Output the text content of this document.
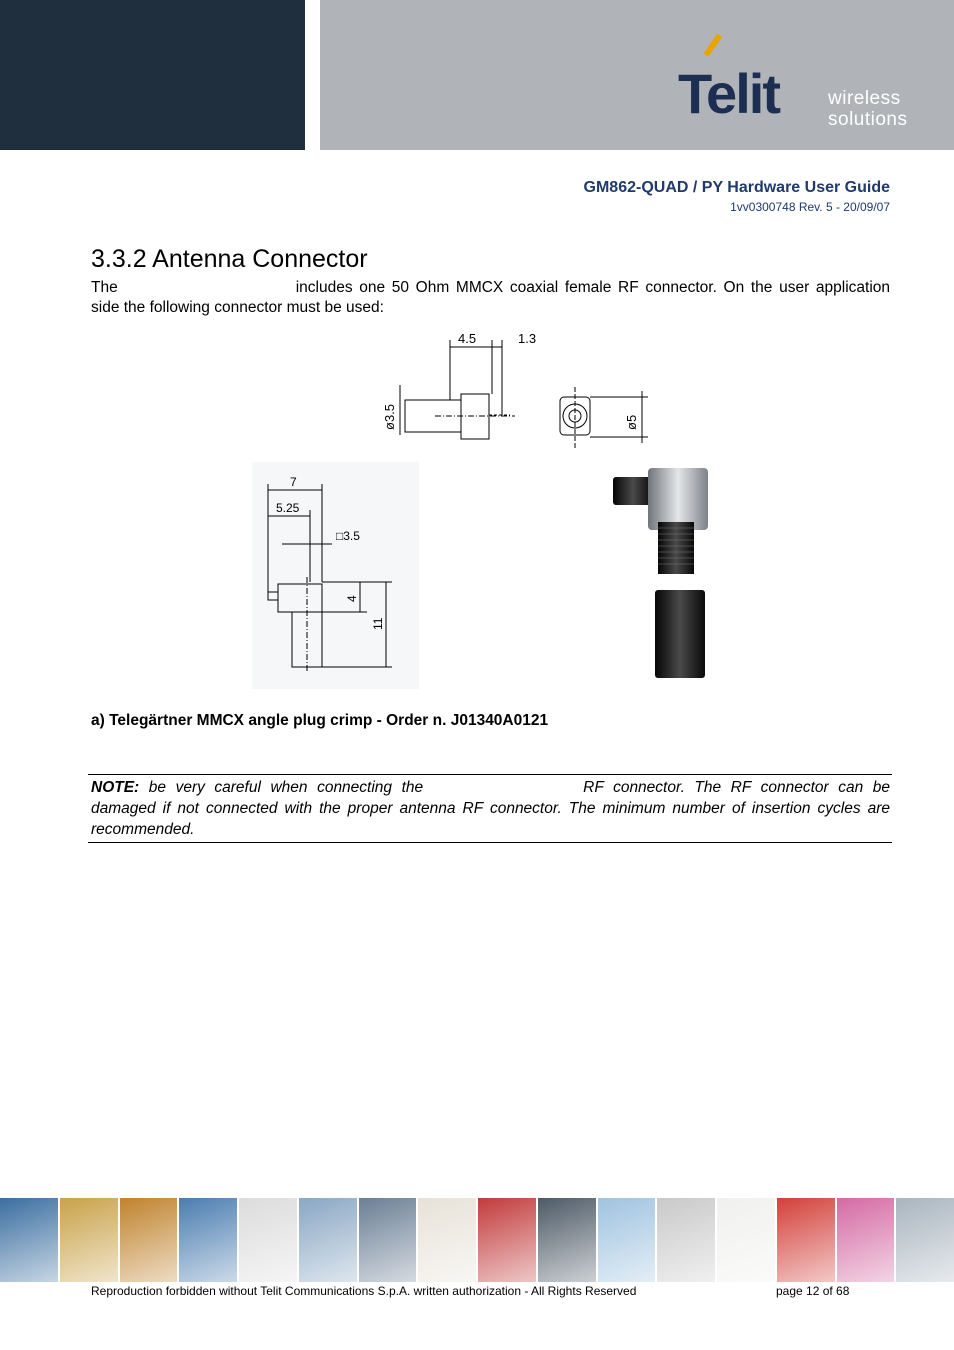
Telit	wireless
solutions
GM862-QUAD / PY Hardware User Guide
1vv0300748 Rev. 5 - 20/09/07
3.3.2 Antenna Connector
The	includes one 50 Ohm MMCX coaxial female RF connector. On the user application side the following connector must be used:
4.5	1.3
ø3.5	ø5
7
5.25
□3.5
4
11
a) Telegärtner MMCX angle plug crimp - Order n. J01340A0121
NOTE: be very careful when connecting the	RF connector. The RF connector can be damaged if not connected with the proper antenna RF connector. The minimum number of insertion cycles are recommended.
Reproduction forbidden without Telit Communications S.p.A. written authorization - All Rights Reserved	page 12 of 68
